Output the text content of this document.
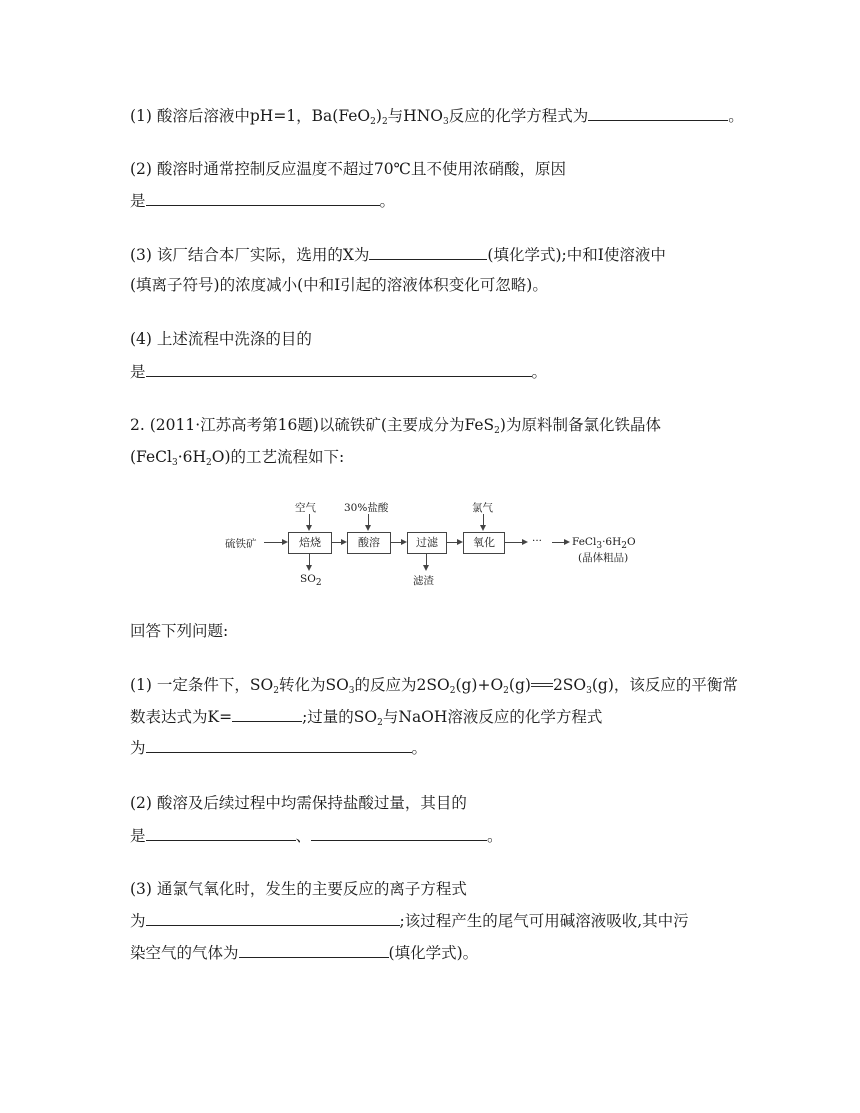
(1) 酸溶后溶液中pH=1，$Ba(FeO_2)_2$与$HNO_3$反应的化学方程式为	。
(2) 酸溶时通常控制反应温度不超过70℃且不使用浓硝酸，原因
是	。
(3) 该厂结合本厂实际，选用的X为	(填化学式);中和Ⅰ使溶液中
(填离子符号)的浓度减小(中和Ⅰ引起的溶液体积变化可忽略)。
(4) 上述流程中洗涤的目的
是	。
2. (2011·江苏高考第16题)以硫铁矿(主要成分为FeS$_2$)为原料制备氯化铁晶体
$(FeCl_3\cdot 6H_2O)$的工艺流程如下:
硫铁矿	焙烧	酸溶	过滤	氧化	···	$FeCl_3\cdot 6H_2O$
(晶体粗品)
空气	30%盐酸	氯气
$SO_2$	滤渣
回答下列问题:
(1) 一定条件下，$SO_2$转化为$SO_3$的反应为$2SO_2(g)+O_2(g)$ $2SO_3(g)$，该反应的平衡常
数表达式为K=	;过量的$SO_2$与NaOH溶液反应的化学方程式
为	。
(2) 酸溶及后续过程中均需保持盐酸过量，其目的
是	、	。
(3) 通氯气氧化时，发生的主要反应的离子方程式
为	;该过程产生的尾气可用碱溶液吸收,其中污
染空气的气体为	(填化学式)。
